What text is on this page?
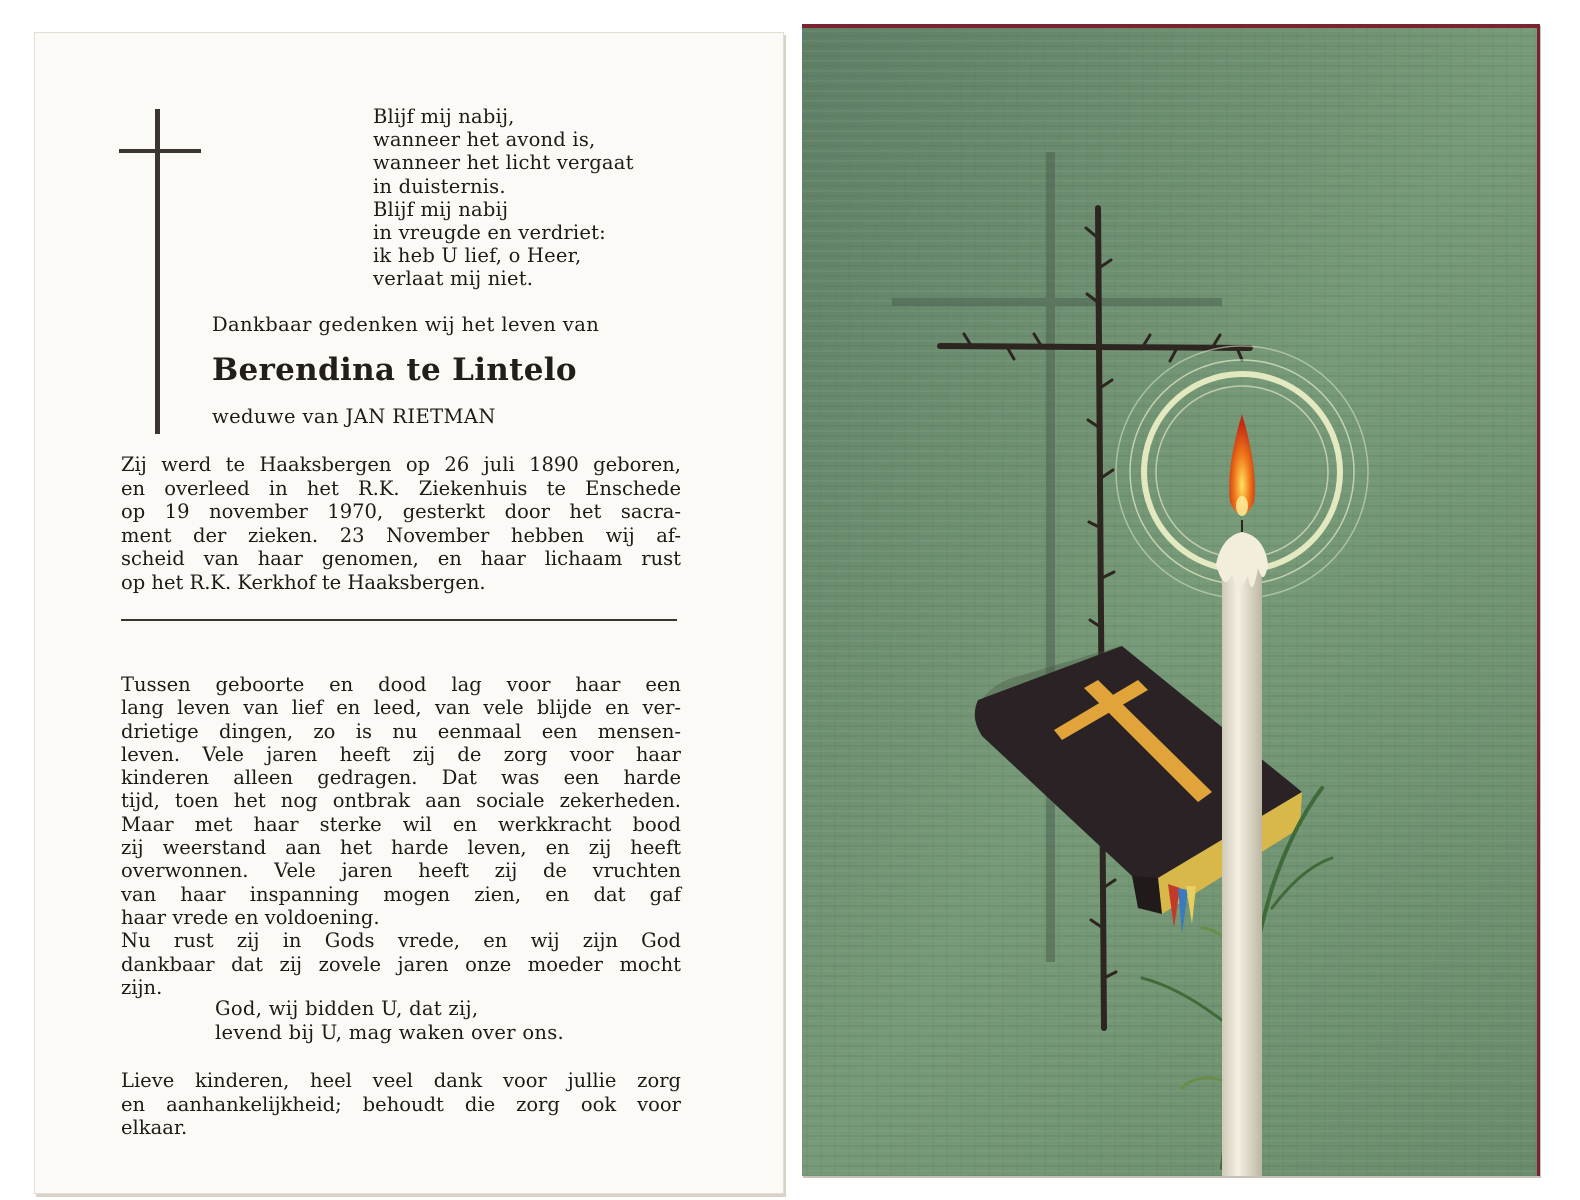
Blijf mij nabij,
wanneer het avond is,
wanneer het licht vergaat
in duisternis.
Blijf mij nabij
in vreugde en verdriet:
ik heb U lief, o Heer,
verlaat mij niet.
Dankbaar gedenken wij het leven van
Berendina te Lintelo
weduwe van JAN RIETMAN
Zij werd te Haaksbergen op 26 juli 1890 geboren,
en overleed in het R.K. Ziekenhuis te Enschede
op 19 november 1970, gesterkt door het sacra-
ment der zieken. 23 November hebben wij af-
scheid van haar genomen, en haar lichaam rust
op het R.K. Kerkhof te Haaksbergen.
Tussen geboorte en dood lag voor haar een
lang leven van lief en leed, van vele blijde en ver-
drietige dingen, zo is nu eenmaal een mensen-
leven. Vele jaren heeft zij de zorg voor haar
kinderen alleen gedragen. Dat was een harde
tijd, toen het nog ontbrak aan sociale zekerheden.
Maar met haar sterke wil en werkkracht bood
zij weerstand aan het harde leven, en zij heeft
overwonnen. Vele jaren heeft zij de vruchten
van haar inspanning mogen zien, en dat gaf
haar vrede en voldoening.
Nu rust zij in Gods vrede, en wij zijn God
dankbaar dat zij zovele jaren onze moeder mocht
zijn.
God, wij bidden U, dat zij,
levend bij U, mag waken over ons.
Lieve kinderen, heel veel dank voor jullie zorg
en aanhankelijkheid; behoudt die zorg ook voor
elkaar.
